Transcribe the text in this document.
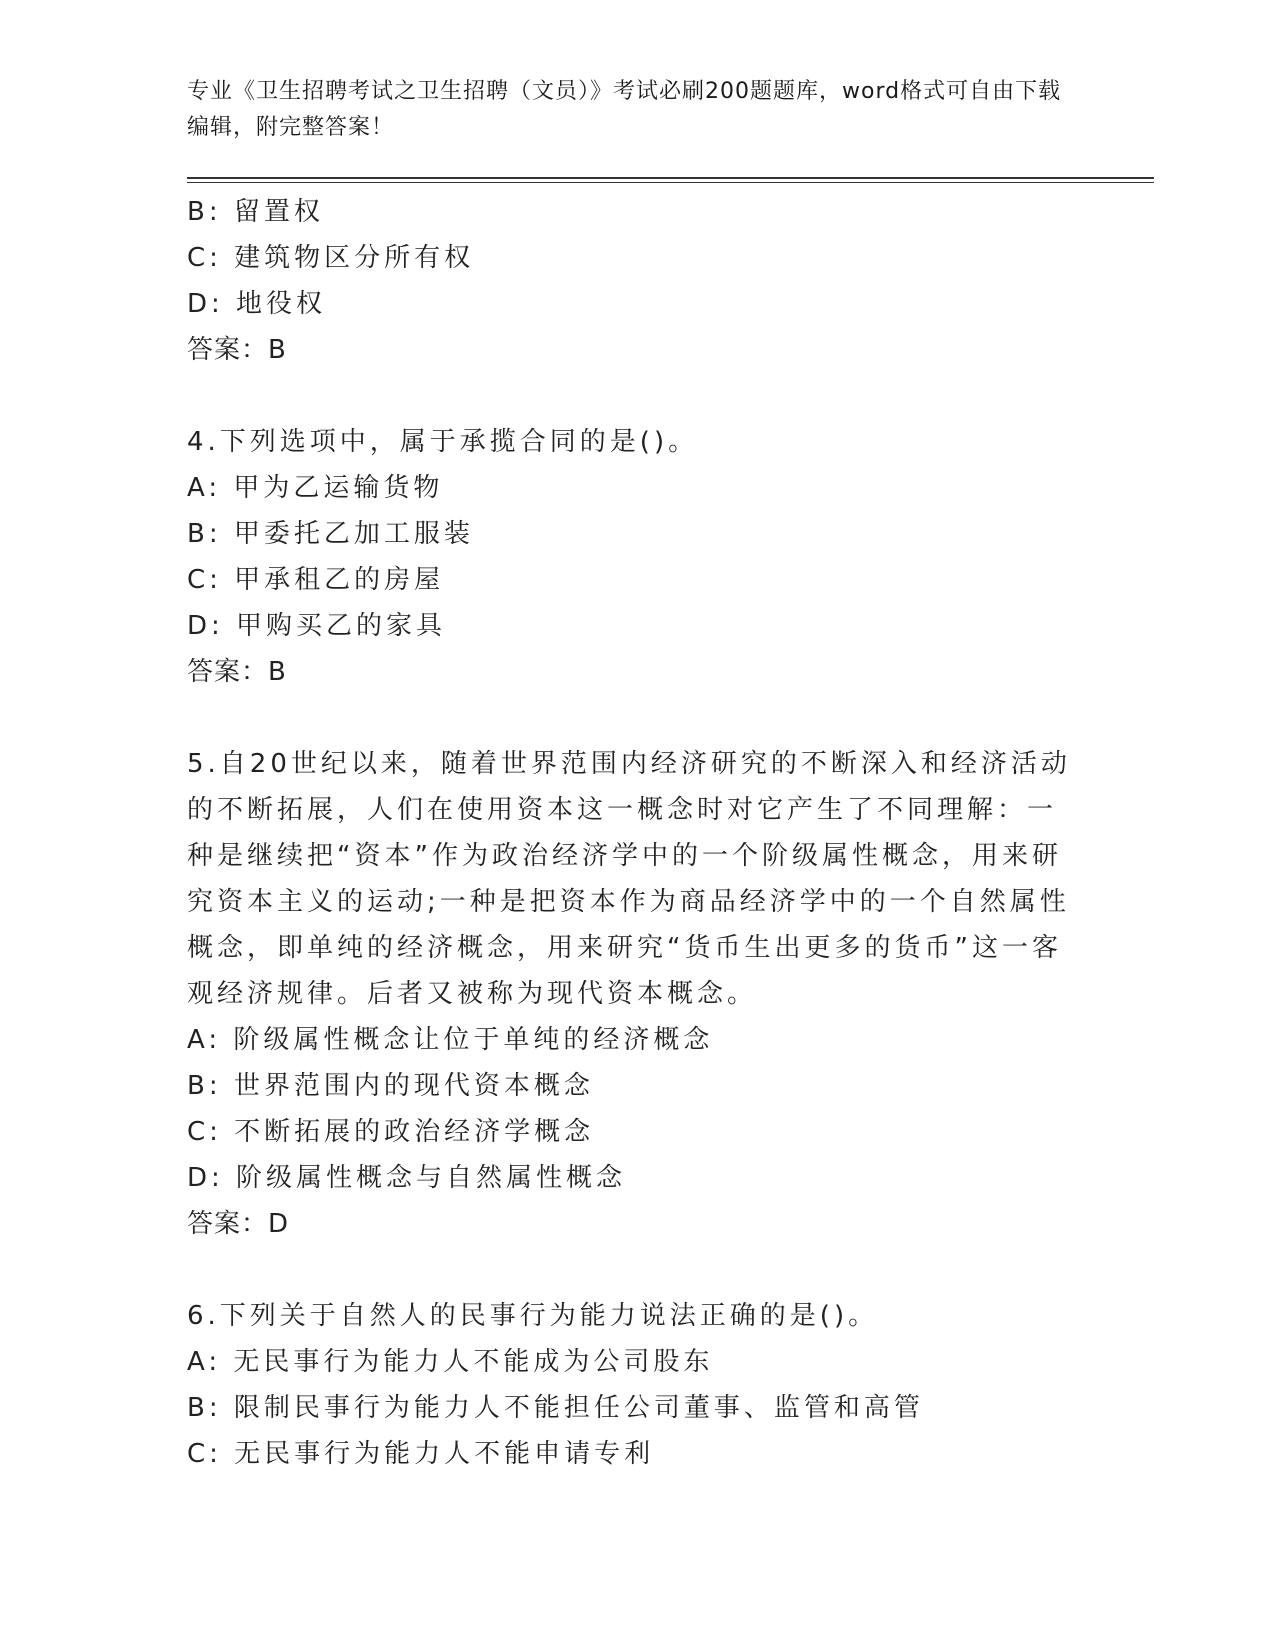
专业《卫生招聘考试之卫生招聘（文员）》考试必刷200题题库，word格式可自由下载编辑，附完整答案！
B: 留置权
C: 建筑物区分所有权
D: 地役权
答案：B
4.下列选项中，属于承揽合同的是()。
A: 甲为乙运输货物
B: 甲委托乙加工服装
C: 甲承租乙的房屋
D: 甲购买乙的家具
答案：B
5.自20世纪以来，随着世界范围内经济研究的不断深入和经济活动的不断拓展，人们在使用资本这一概念时对它产生了不同理解：一种是继续把“资本”作为政治经济学中的一个阶级属性概念，用来研究资本主义的运动;一种是把资本作为商品经济学中的一个自然属性概念，即单纯的经济概念，用来研究“货币生出更多的货币”这一客观经济规律。后者又被称为现代资本概念。
A: 阶级属性概念让位于单纯的经济概念
B: 世界范围内的现代资本概念
C: 不断拓展的政治经济学概念
D: 阶级属性概念与自然属性概念
答案：D
6.下列关于自然人的民事行为能力说法正确的是()。
A: 无民事行为能力人不能成为公司股东
B: 限制民事行为能力人不能担任公司董事、监管和高管
C: 无民事行为能力人不能申请专利
